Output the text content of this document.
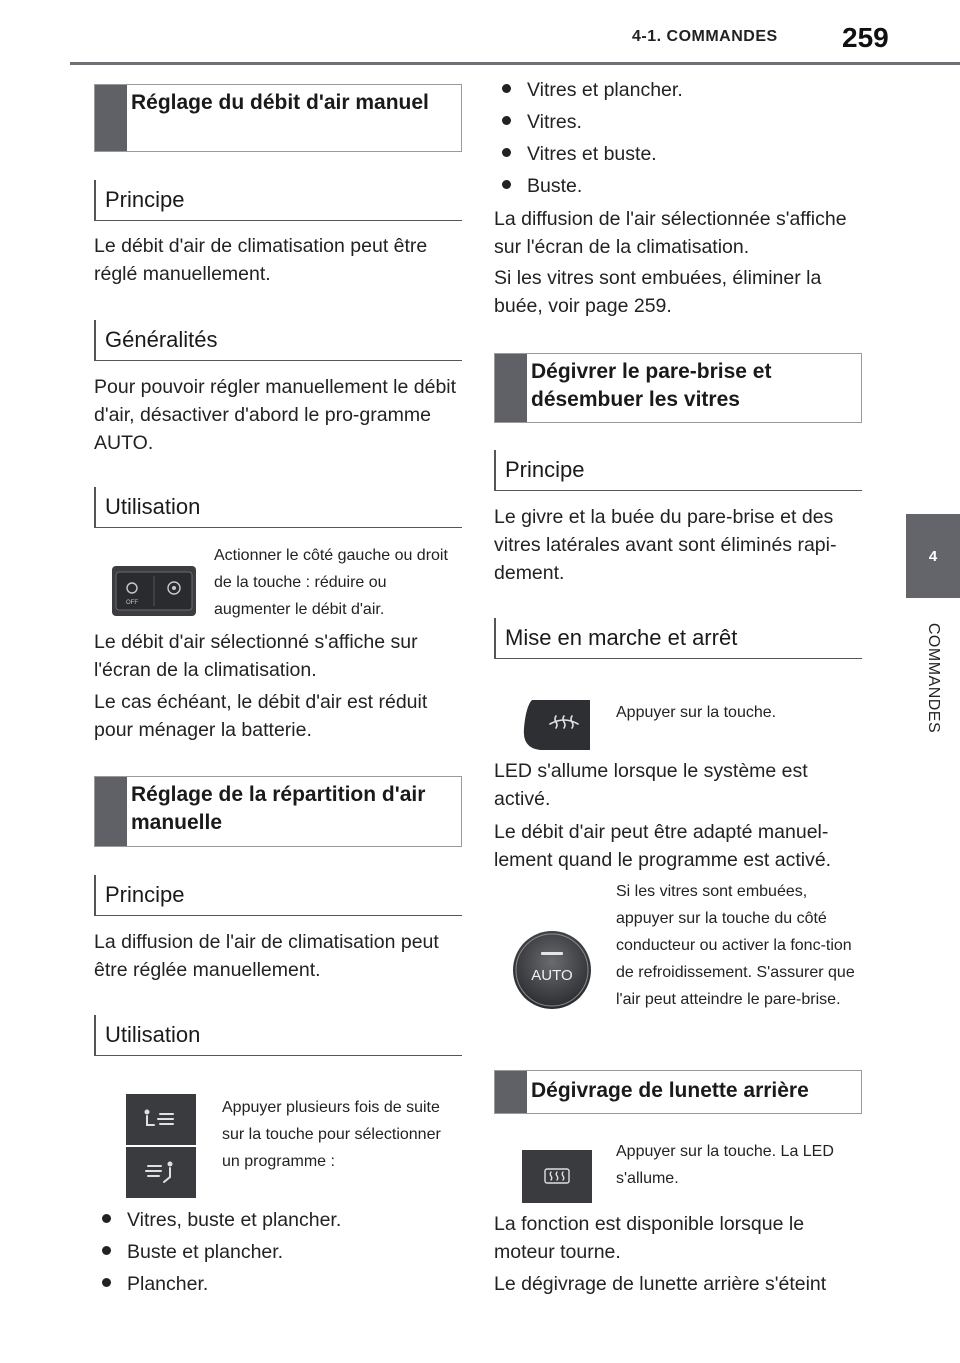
4-1. COMMANDES 259
4
COMMANDES
Réglage du débit d'air manuel
Principe

Le débit d'air de climatisation peut être réglé manuellement.

Généralités

Pour pouvoir régler manuellement le débit d'air, désactiver d'abord le pro-gramme AUTO.

Utilisation
OFF

Actionner le côté gauche ou droit de la touche : réduire ou augmenter le débit d'air.

Le débit d'air sélectionné s'affiche sur l'écran de la climatisation.

Le cas échéant, le débit d'air est réduit pour ménager la batterie.

Réglage de la répartition d'air manuelle
Principe

La diffusion de l'air de climatisation peut être réglée manuellement.

Utilisation

Appuyer plusieurs fois de suite sur la touche pour sélectionner un programme :

Vitres, buste et plancher.

Buste et plancher.

Plancher.

Vitres et plancher.

Vitres.

Vitres et buste.

Buste.

La diffusion de l'air sélectionnée s'affiche sur l'écran de la climatisation.

Si les vitres sont embuées, éliminer la buée, voir page 259.

Dégivrer le pare-brise et désembuer les vitres
Principe

Le givre et la buée du pare-brise et des vitres latérales avant sont éliminés rapi-dement.

Mise en marche et arrêt

Appuyer sur la touche.

LED s'allume lorsque le système est activé.

Le débit d'air peut être adapté manuel-lement quand le programme est activé.

AUTO

Si les vitres sont embuées, appuyer sur la touche du côté conducteur ou activer la fonc-tion de refroidissement. S'assurer que l'air peut atteindre le pare-brise.

Dégivrage de lunette arrière

Appuyer sur la touche. La LED s'allume.

La fonction est disponible lorsque le moteur tourne.

Le dégivrage de lunette arrière s'éteint
